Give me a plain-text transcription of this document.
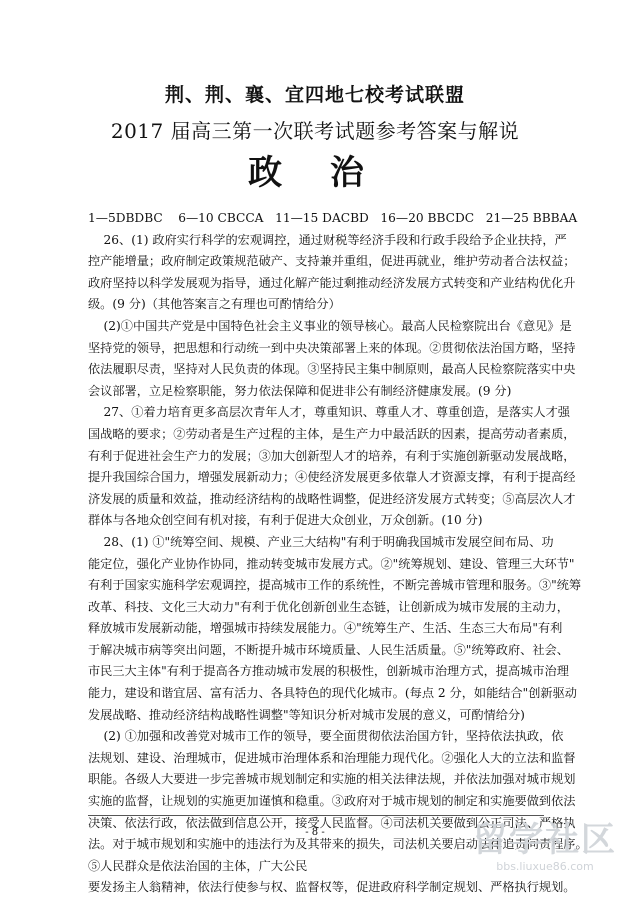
荆、荆、襄、宜四地七校考试联盟
2017 届高三第一次联考试题参考答案与解说
政 治
1—5DBDBC    6—10 CBCCA   11—15 DACBD   16—20 BBCDC   21—25 BBBAA
26、(1) 政府实行科学的宏观调控，通过财税等经济手段和行政手段给予企业扶持，严
控产能增量；政府制定政策规范破产、支持兼并重组，促进再就业，维护劳动者合法权益；
政府坚持以科学发展观为指导，通过化解产能过剩推动经济发展方式转变和产业结构优化升
级。(9 分)（其他答案言之有理也可酌情给分）
(2)①中国共产党是中国特色社会主义事业的领导核心。最高人民检察院出台《意见》是
坚持党的领导，把思想和行动统一到中央决策部署上来的体现。②贯彻依法治国方略，坚持
依法履职尽责，坚持对人民负责的体现。③坚持民主集中制原则，最高人民检察院落实中央
会议部署，立足检察职能，努力依法保障和促进非公有制经济健康发展。(9 分)
27、①着力培育更多高层次青年人才，尊重知识、尊重人才、尊重创造，是落实人才强
国战略的要求；②劳动者是生产过程的主体，是生产力中最活跃的因素，提高劳动者素质，
有利于促进社会生产力的发展；③加大创新型人才的培养，有利于实施创新驱动发展战略，
提升我国综合国力，增强发展新动力；④使经济发展更多依靠人才资源支撑，有利于提高经
济发展的质量和效益，推动经济结构的战略性调整，促进经济发展方式转变；⑤高层次人才
群体与各地众创空间有机对接，有利于促进大众创业，万众创新。(10 分)
28、(1) ①"统筹空间、规模、产业三大结构"有利于明确我国城市发展空间布局、功
能定位，强化产业协作协同，推动转变城市发展方式。②"统筹规划、建设、管理三大环节"
有利于国家实施科学宏观调控，提高城市工作的系统性，不断完善城市管理和服务。③"统筹
改革、科技、文化三大动力"有利于优化创新创业生态链，让创新成为城市发展的主动力，
释放城市发展新动能，增强城市持续发展能力。④"统筹生产、生活、生态三大布局"有利
于解决城市病等突出问题，不断提升城市环境质量、人民生活质量。⑤"统筹政府、社会、
市民三大主体"有利于提高各方推动城市发展的积极性，创新城市治理方式，提高城市治理
能力，建设和谐宜居、富有活力、各具特色的现代化城市。(每点 2 分，如能结合"创新驱动
发展战略、推动经济结构战略性调整"等知识分析对城市发展的意义，可酌情给分)
(2) ①加强和改善党对城市工作的领导，要全面贯彻依法治国方针，坚持依法执政，依
法规划、建设、治理城市，促进城市治理体系和治理能力现代化。②强化人大的立法和监督
职能。各级人大要进一步完善城市规划制定和实施的相关法律法规，并依法加强对城市规划
实施的监督，让规划的实施更加谨慎和稳重。③政府对于城市规划的制定和实施要做到依法
决策、依法行政，依法做到信息公开，接受人民监督。④司法机关要做到公正司法、严格执
法。对于城市规划和实施中的违法行为及其带来的损失，司法机关要启动法律追责问责程序。
⑤人民群众是依法治国的主体，广大公民
要发扬主人翁精神，依法行使参与权、监督权等，促进政府科学制定规划、严格执行规划。
- 8 -	留学社区
bbs.liuxue86.com
